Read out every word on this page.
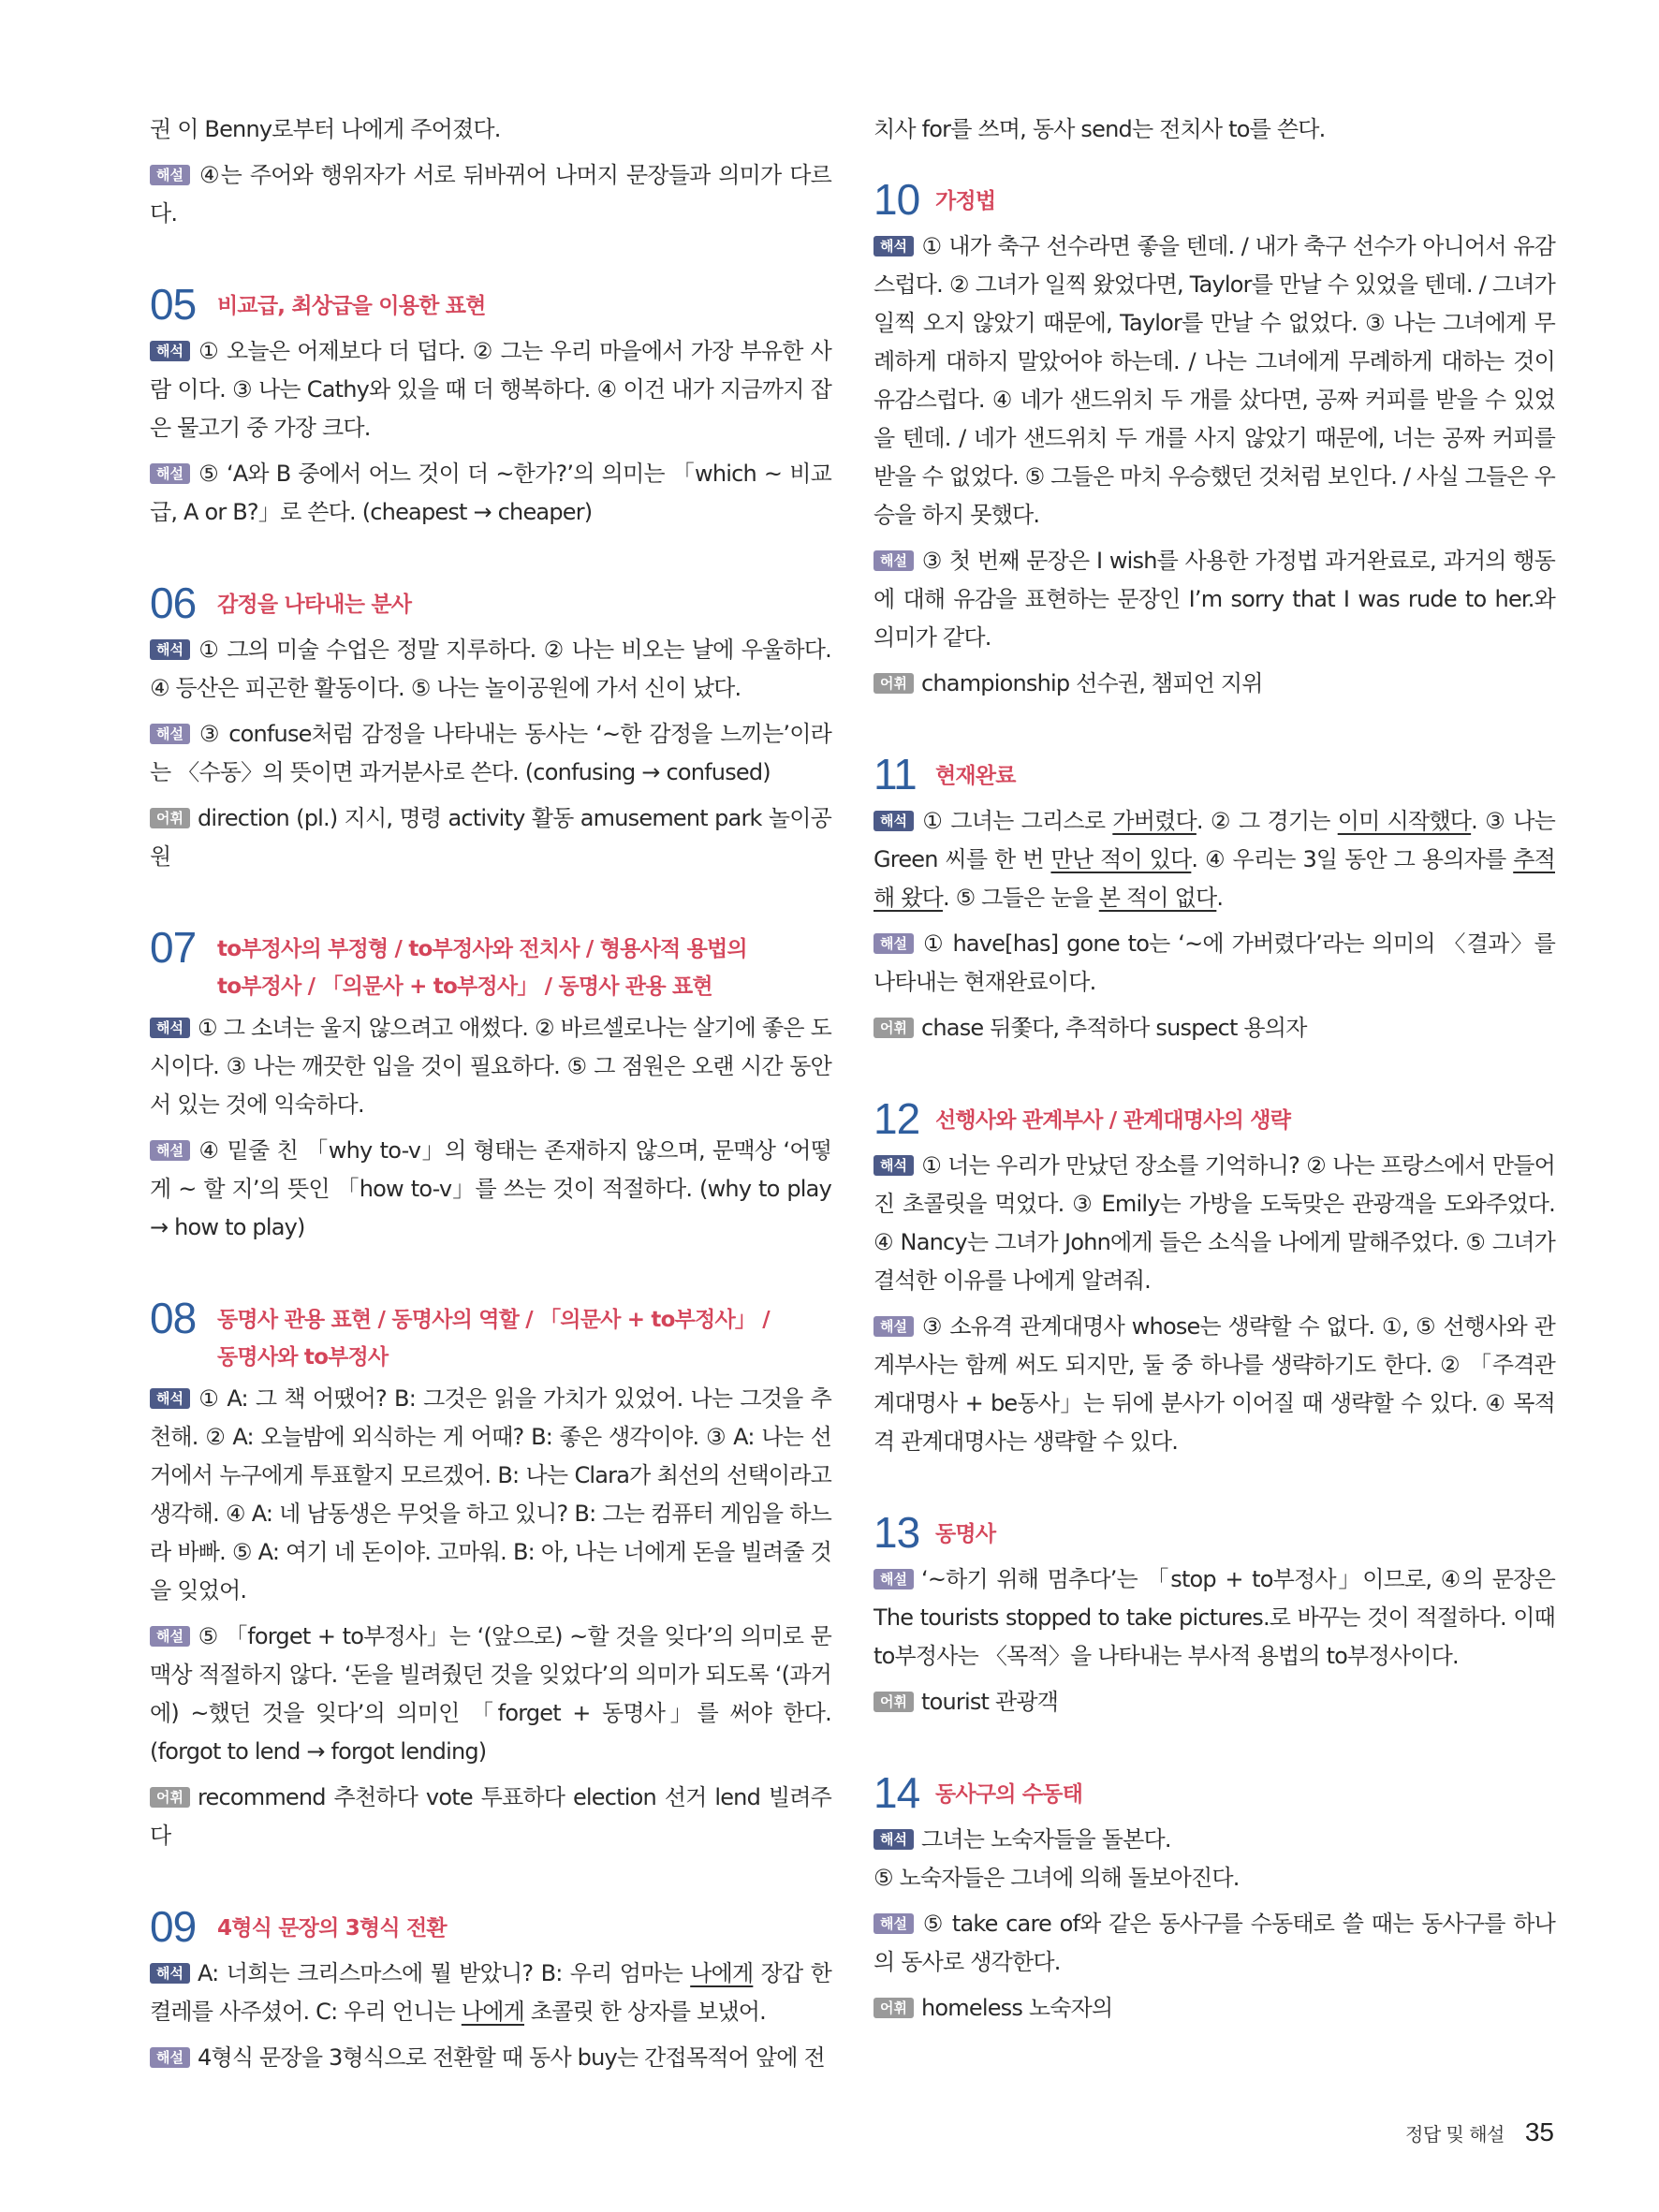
권 이 Benny로부터 나에게 주어졌다.

해설 ④는 주어와 행위자가 서로 뒤바뀌어 나머지 문장들과 의미가 다르다.

05 비교급, 최상급을 이용한 표현

해석 ① 오늘은 어제보다 더 덥다. ② 그는 우리 마을에서 가장 부유한 사람 이다. ③ 나는 Cathy와 있을 때 더 행복하다. ④ 이건 내가 지금까지 잡은 물고기 중 가장 크다.

해설 ⑤ ‘A와 B 중에서 어느 것이 더 ~한가?’의 의미는 「which ~ 비교급, A or B?」로 쓴다. (cheapest → cheaper)

06 감정을 나타내는 분사

해석 ① 그의 미술 수업은 정말 지루하다. ② 나는 비오는 날에 우울하다. ④ 등산은 피곤한 활동이다. ⑤ 나는 놀이공원에 가서 신이 났다.

해설 ③ confuse처럼 감정을 나타내는 동사는 ‘~한 감정을 느끼는’이라는 〈수동〉의 뜻이면 과거분사로 쓴다. (confusing → confused)

어휘 direction (pl.) 지시, 명령 activity 활동 amusement park 놀이공원

07 to부정사의 부정형 / to부정사와 전치사 / 형용사적 용법의
to부정사 / 「의문사 + to부정사」 / 동명사 관용 표현

해석 ① 그 소녀는 울지 않으려고 애썼다. ② 바르셀로나는 살기에 좋은 도시이다. ③ 나는 깨끗한 입을 것이 필요하다. ⑤ 그 점원은 오랜 시간 동안 서 있는 것에 익숙하다.

해설 ④ 밑줄 친 「why to-v」의 형태는 존재하지 않으며, 문맥상 ‘어떻게 ~ 할 지’의 뜻인 「how to-v」를 쓰는 것이 적절하다. (why to play → how to play)

08 동명사 관용 표현 / 동명사의 역할 / 「의문사 + to부정사」 /
동명사와 to부정사

해석 ① A: 그 책 어땠어? B: 그것은 읽을 가치가 있었어. 나는 그것을 추천해. ② A: 오늘밤에 외식하는 게 어때? B: 좋은 생각이야. ③ A: 나는 선거에서 누구에게 투표할지 모르겠어. B: 나는 Clara가 최선의 선택이라고 생각해. ④ A: 네 남동생은 무엇을 하고 있니? B: 그는 컴퓨터 게임을 하느라 바빠. ⑤ A: 여기 네 돈이야. 고마워. B: 아, 나는 너에게 돈을 빌려줄 것을 잊었어.

해설 ⑤ 「forget + to부정사」는 ‘(앞으로) ~할 것을 잊다’의 의미로 문맥상 적절하지 않다. ‘돈을 빌려줬던 것을 잊었다’의 의미가 되도록 ‘(과거에) ~했던 것을 잊다’의 의미인 「forget + 동명사」를 써야 한다. (forgot to lend → forgot lending)

어휘 recommend 추천하다 vote 투표하다 election 선거 lend 빌려주다

09 4형식 문장의 3형식 전환

해석 A: 너희는 크리스마스에 뭘 받았니? B: 우리 엄마는 나에게 장갑 한 켤레를 사주셨어. C: 우리 언니는 나에게 초콜릿 한 상자를 보냈어.

해설 4형식 문장을 3형식으로 전환할 때 동사 buy는 간접목적어 앞에 전

치사 for를 쓰며, 동사 send는 전치사 to를 쓴다.

10 가정법

해석 ① 내가 축구 선수라면 좋을 텐데. / 내가 축구 선수가 아니어서 유감스럽다. ② 그녀가 일찍 왔었다면, Taylor를 만날 수 있었을 텐데. / 그녀가 일찍 오지 않았기 때문에, Taylor를 만날 수 없었다. ③ 나는 그녀에게 무례하게 대하지 말았어야 하는데. / 나는 그녀에게 무례하게 대하는 것이 유감스럽다. ④ 네가 샌드위치 두 개를 샀다면, 공짜 커피를 받을 수 있었을 텐데. / 네가 샌드위치 두 개를 사지 않았기 때문에, 너는 공짜 커피를 받을 수 없었다. ⑤ 그들은 마치 우승했던 것처럼 보인다. / 사실 그들은 우승을 하지 못했다.

해설 ③ 첫 번째 문장은 I wish를 사용한 가정법 과거완료로, 과거의 행동에 대해 유감을 표현하는 문장인 I’m sorry that I was rude to her.와 의미가 같다.

어휘 championship 선수권, 챔피언 지위

11 현재완료

해석 ① 그녀는 그리스로 가버렸다. ② 그 경기는 이미 시작했다. ③ 나는 Green 씨를 한 번 만난 적이 있다. ④ 우리는 3일 동안 그 용의자를 추적해 왔다. ⑤ 그들은 눈을 본 적이 없다.

해설 ① have[has] gone to는 ‘~에 가버렸다’라는 의미의 〈결과〉를 나타내는 현재완료이다.

어휘 chase 뒤쫓다, 추적하다 suspect 용의자

12 선행사와 관계부사 / 관계대명사의 생략

해석 ① 너는 우리가 만났던 장소를 기억하니? ② 나는 프랑스에서 만들어진 초콜릿을 먹었다. ③ Emily는 가방을 도둑맞은 관광객을 도와주었다. ④ Nancy는 그녀가 John에게 들은 소식을 나에게 말해주었다. ⑤ 그녀가 결석한 이유를 나에게 알려줘.

해설 ③ 소유격 관계대명사 whose는 생략할 수 없다. ①, ⑤ 선행사와 관계부사는 함께 써도 되지만, 둘 중 하나를 생략하기도 한다. ② 「주격관계대명사 + be동사」는 뒤에 분사가 이어질 때 생략할 수 있다. ④ 목적격 관계대명사는 생략할 수 있다.

13 동명사

해설 ‘~하기 위해 멈추다’는 「stop + to부정사」이므로, ④의 문장은 The tourists stopped to take pictures.로 바꾸는 것이 적절하다. 이때 to부정사는 〈목적〉을 나타내는 부사적 용법의 to부정사이다.

어휘 tourist 관광객

14 동사구의 수동태

해석 그녀는 노숙자들을 돌본다.

⑤ 노숙자들은 그녀에 의해 돌보아진다.

해설 ⑤ take care of와 같은 동사구를 수동태로 쓸 때는 동사구를 하나의 동사로 생각한다.

어휘 homeless 노숙자의

정답 및 해설 35
